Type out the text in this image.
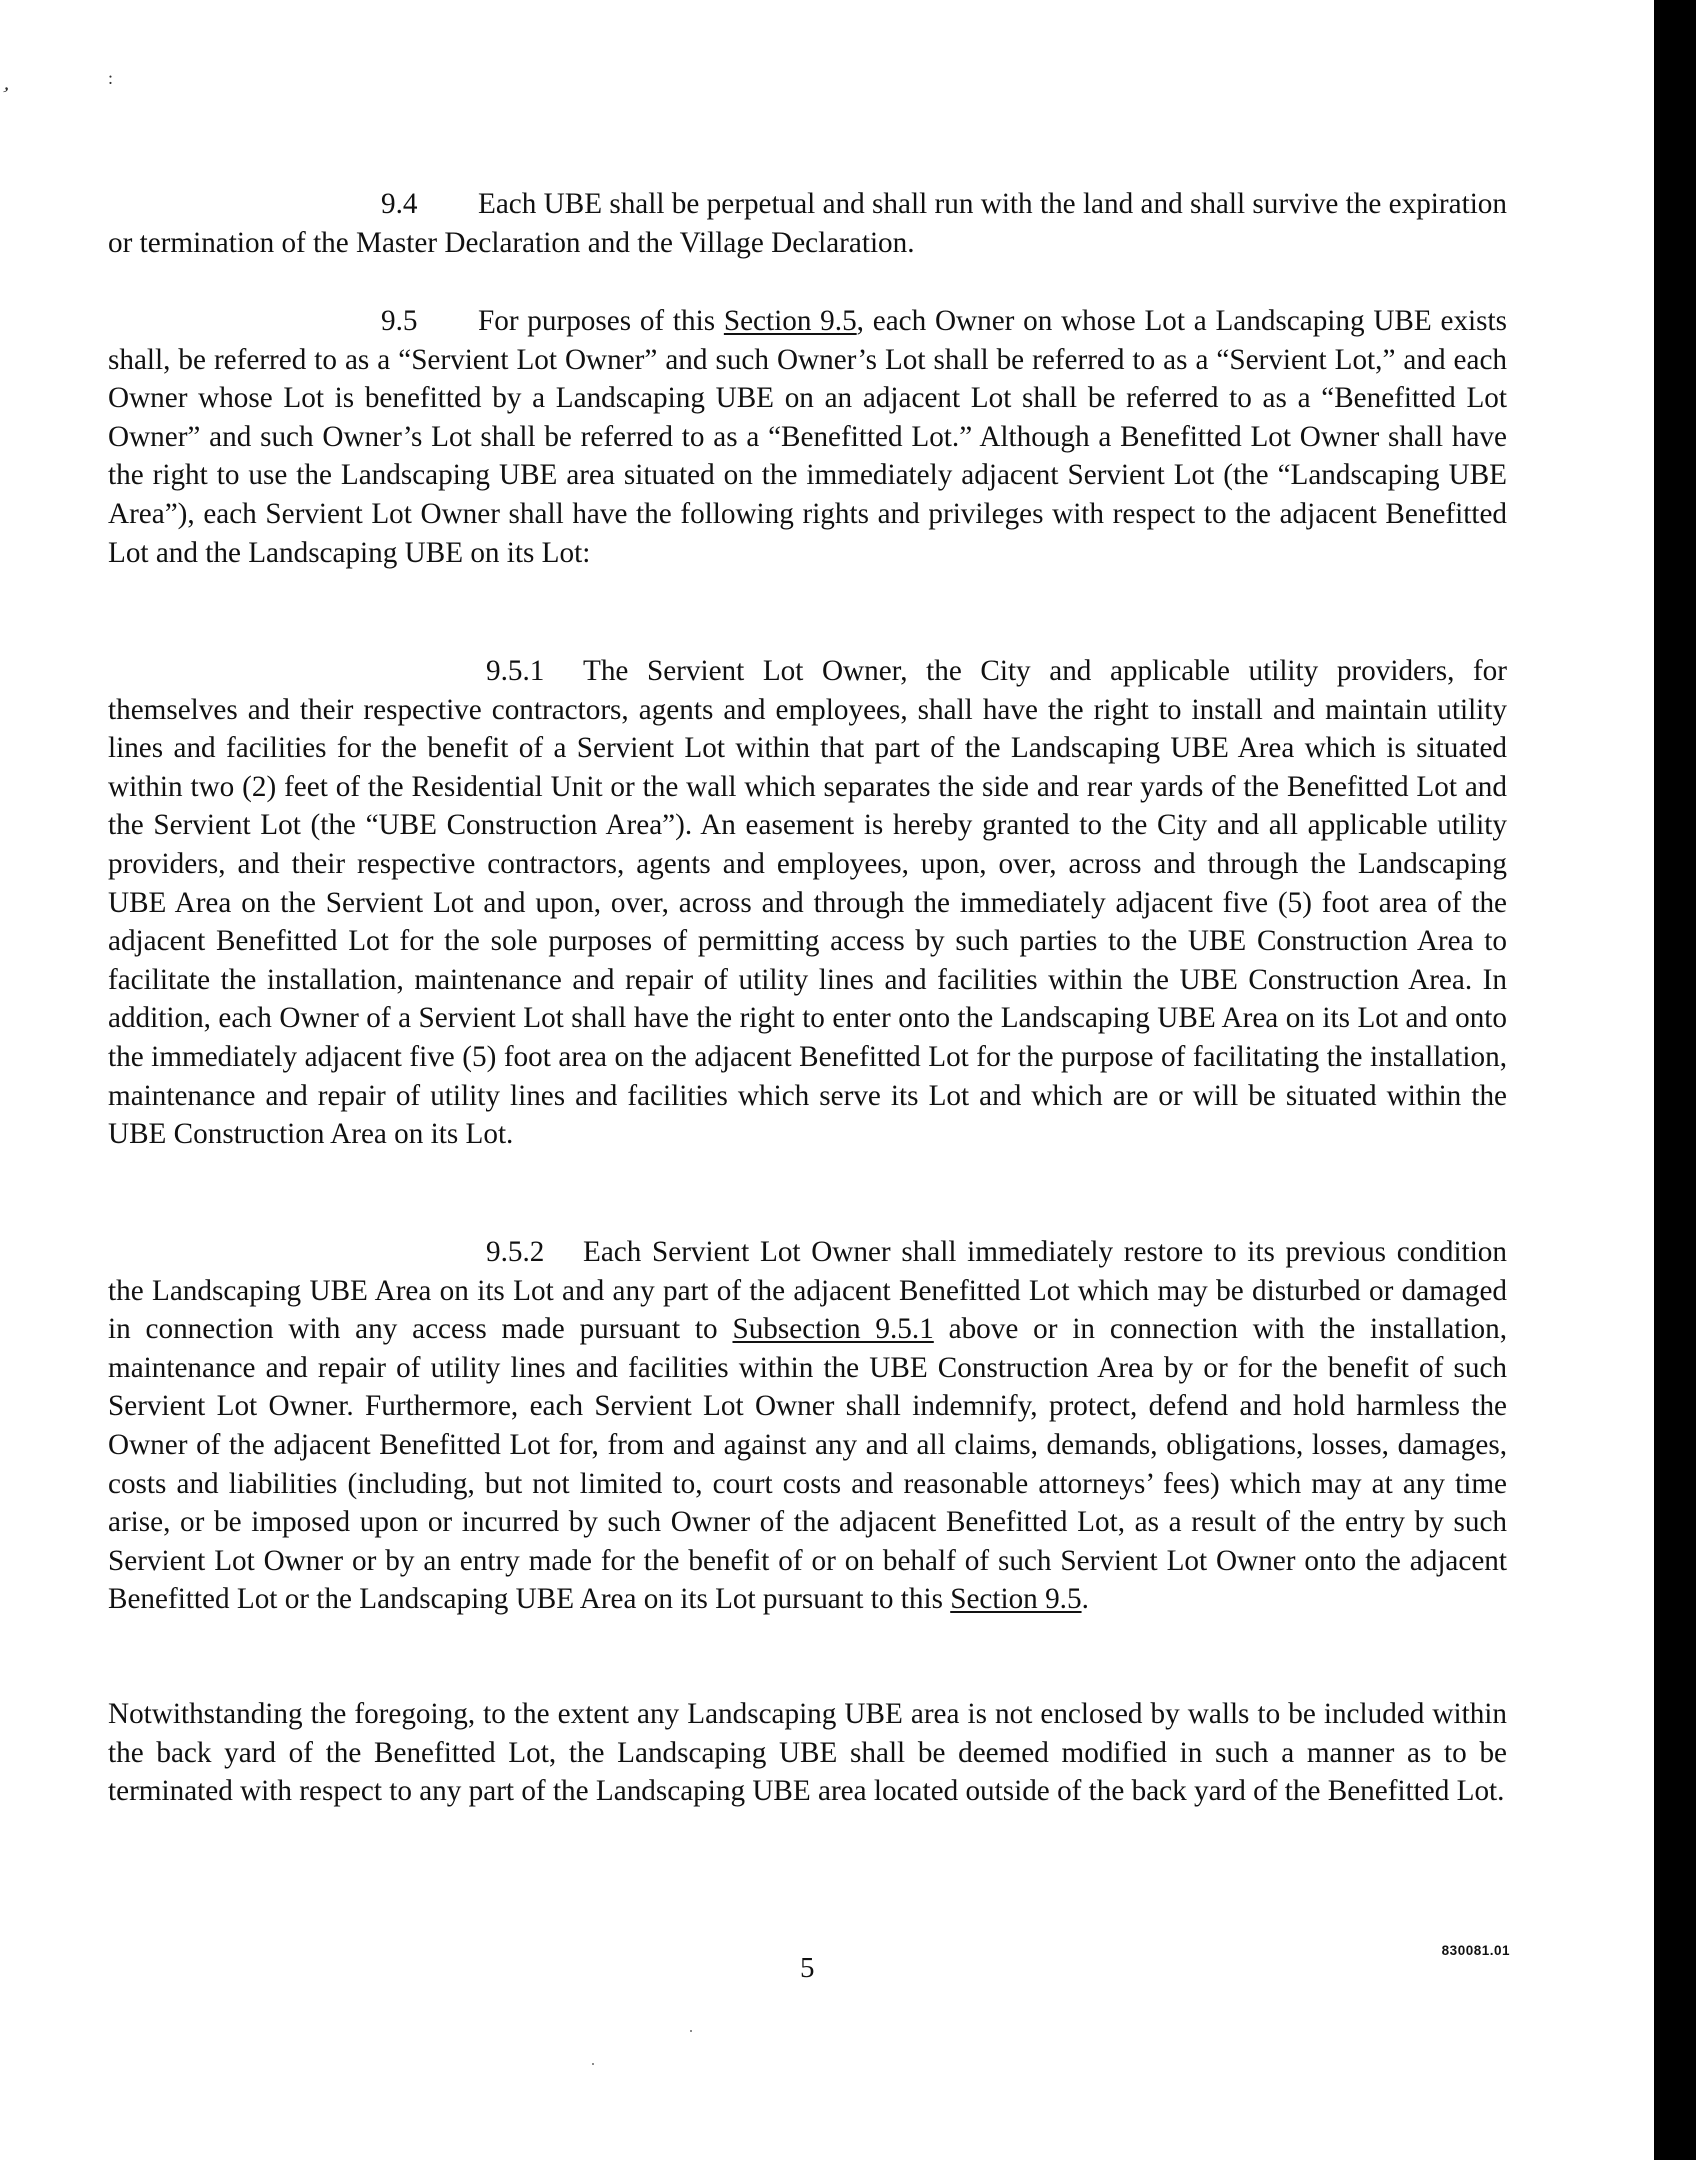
,	:

9.4 Each UBE shall be perpetual and shall run with the land and shall survive the expiration or termination of the Master Declaration and the Village Declaration.

9.5 For purposes of this Section 9.5, each Owner on whose Lot a Landscaping UBE exists shall, be referred to as a “Servient Lot Owner” and such Owner’s Lot shall be referred to as a “Servient Lot,” and each Owner whose Lot is benefitted by a Landscaping UBE on an adjacent Lot shall be referred to as a “Benefitted Lot Owner” and such Owner’s Lot shall be referred to as a “Benefitted Lot.” Although a Benefitted Lot Owner shall have the right to use the Landscaping UBE area situated on the immediately adjacent Servient Lot (the “Landscaping UBE Area”), each Servient Lot Owner shall have the following rights and privileges with respect to the adjacent Benefitted Lot and the Landscaping UBE on its Lot:

9.5.1 The Servient Lot Owner, the City and applicable utility providers, for themselves and their respective contractors, agents and employees, shall have the right to install and maintain utility lines and facilities for the benefit of a Servient Lot within that part of the Landscaping UBE Area which is situated within two (2) feet of the Residential Unit or the wall which separates the side and rear yards of the Benefitted Lot and the Servient Lot (the “UBE Construction Area”). An easement is hereby granted to the City and all applicable utility providers, and their respective contractors, agents and employees, upon, over, across and through the Landscaping UBE Area on the Servient Lot and upon, over, across and through the immediately adjacent five (5) foot area of the adjacent Benefitted Lot for the sole purposes of permitting access by such parties to the UBE Construction Area to facilitate the installation, maintenance and repair of utility lines and facilities within the UBE Construction Area. In addition, each Owner of a Servient Lot shall have the right to enter onto the Landscaping UBE Area on its Lot and onto the immediately adjacent five (5) foot area on the adjacent Benefitted Lot for the purpose of facilitating the installation, maintenance and repair of utility lines and facilities which serve its Lot and which are or will be situated within the UBE Construction Area on its Lot.

9.5.2 Each Servient Lot Owner shall immediately restore to its previous condition the Landscaping UBE Area on its Lot and any part of the adjacent Benefitted Lot which may be disturbed or damaged in connection with any access made pursuant to Subsection 9.5.1 above or in connection with the installation, maintenance and repair of utility lines and facilities within the UBE Construction Area by or for the benefit of such Servient Lot Owner. Furthermore, each Servient Lot Owner shall indemnify, protect, defend and hold harmless the Owner of the adjacent Benefitted Lot for, from and against any and all claims, demands, obligations, losses, damages, costs and liabilities (including, but not limited to, court costs and reasonable attorneys’ fees) which may at any time arise, or be imposed upon or incurred by such Owner of the adjacent Benefitted Lot, as a result of the entry by such Servient Lot Owner or by an entry made for the benefit of or on behalf of such Servient Lot Owner onto the adjacent Benefitted Lot or the Landscaping UBE Area on its Lot pursuant to this Section 9.5.

Notwithstanding the foregoing, to the extent any Landscaping UBE area is not enclosed by walls to be included within the back yard of the Benefitted Lot, the Landscaping UBE shall be deemed modified in such a manner as to be terminated with respect to any part of the Landscaping UBE area located outside of the back yard of the Benefitted Lot.

830081.01
5
